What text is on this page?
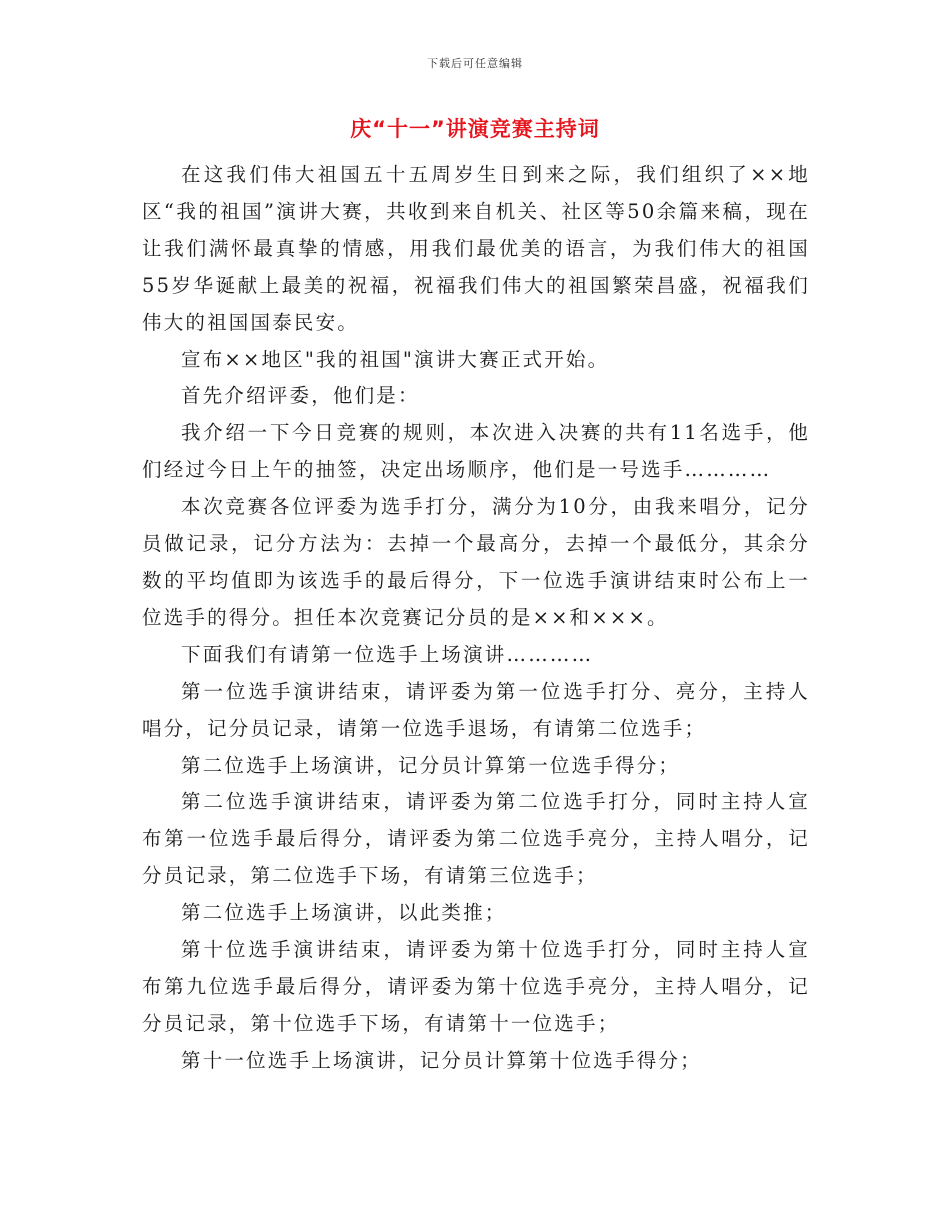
下载后可任意编辑
庆“十一”讲演竞赛主持词

在这我们伟大祖国五十五周岁生日到来之际，我们组织了××地区“我的祖国”演讲大赛，共收到来自机关、社区等50余篇来稿，现在让我们满怀最真挚的情感，用我们最优美的语言，为我们伟大的祖国55岁华诞献上最美的祝福，祝福我们伟大的祖国繁荣昌盛，祝福我们伟大的祖国国泰民安。

宣布××地区"我的祖国"演讲大赛正式开始。

首先介绍评委，他们是：

我介绍一下今日竞赛的规则，本次进入决赛的共有11名选手，他们经过今日上午的抽签，决定出场顺序，他们是一号选手…………

本次竞赛各位评委为选手打分，满分为10分，由我来唱分，记分员做记录，记分方法为：去掉一个最高分，去掉一个最低分，其余分数的平均值即为该选手的最后得分，下一位选手演讲结束时公布上一位选手的得分。担任本次竞赛记分员的是××和×××。

下面我们有请第一位选手上场演讲…………

第一位选手演讲结束，请评委为第一位选手打分、亮分，主持人唱分，记分员记录，请第一位选手退场，有请第二位选手；

第二位选手上场演讲，记分员计算第一位选手得分；

第二位选手演讲结束，请评委为第二位选手打分，同时主持人宣布第一位选手最后得分，请评委为第二位选手亮分，主持人唱分，记分员记录，第二位选手下场，有请第三位选手；

第二位选手上场演讲，以此类推；

第十位选手演讲结束，请评委为第十位选手打分，同时主持人宣布第九位选手最后得分，请评委为第十位选手亮分，主持人唱分，记分员记录，第十位选手下场，有请第十一位选手；

第十一位选手上场演讲，记分员计算第十位选手得分；
